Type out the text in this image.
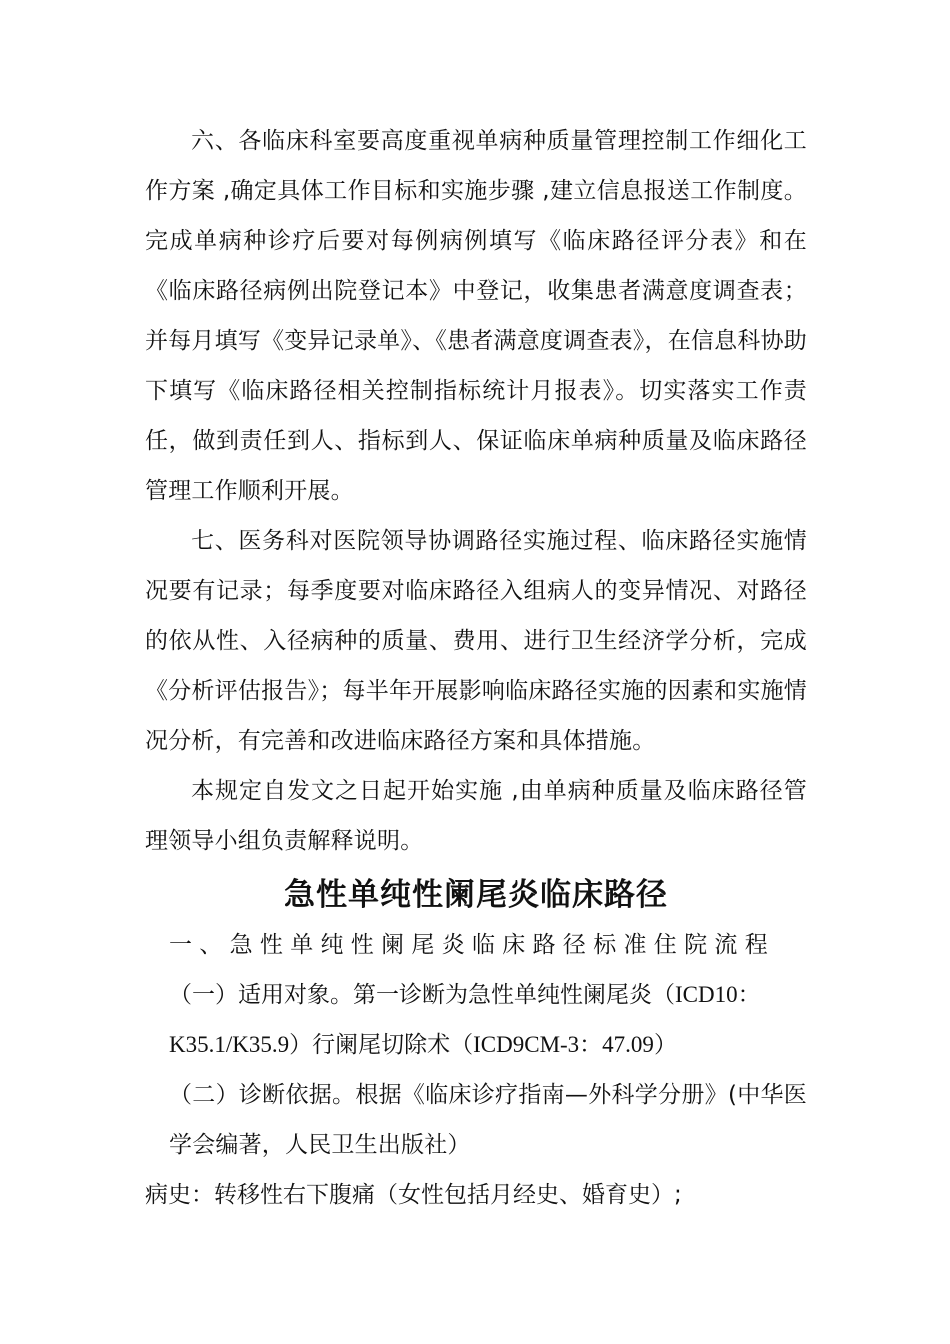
六、各临床科室要高度重视单病种质量管理控制工作细化工作方案 ,确定具体工作目标和实施步骤 ,建立信息报送工作制度。完成单病种诊疗后要对每例病例填写《临床路径评分表》和在《临床路径病例出院登记本》中登记，收集患者满意度调查表；并每月填写《变异记录单》、《患者满意度调查表》，在信息科协助下填写《临床路径相关控制指标统计月报表》。切实落实工作责任，做到责任到人、指标到人、保证临床单病种质量及临床路径管理工作顺利开展。

七、医务科对医院领导协调路径实施过程、临床路径实施情况要有记录；每季度要对临床路径入组病人的变异情况、对路径的依从性、入径病种的质量、费用、进行卫生经济学分析，完成《分析评估报告》；每半年开展影响临床路径实施的因素和实施情况分析，有完善和改进临床路径方案和具体措施。

本规定自发文之日起开始实施 ,由单病种质量及临床路径管理领导小组负责解释说明。

急性单纯性阑尾炎临床路径

一、急性单纯性阑尾炎临床路径标准住院流程

（一）适用对象。第一诊断为急性单纯性阑尾炎（ICD10：

K35.1/K35.9）行阑尾切除术（ICD9CM-3：47.09）

（二）诊断依据。根据《临床诊疗指南—外科学分册》(中华医学会编著，人民卫生出版社）

病史：转移性右下腹痛（女性包括月经史、婚育史）;
